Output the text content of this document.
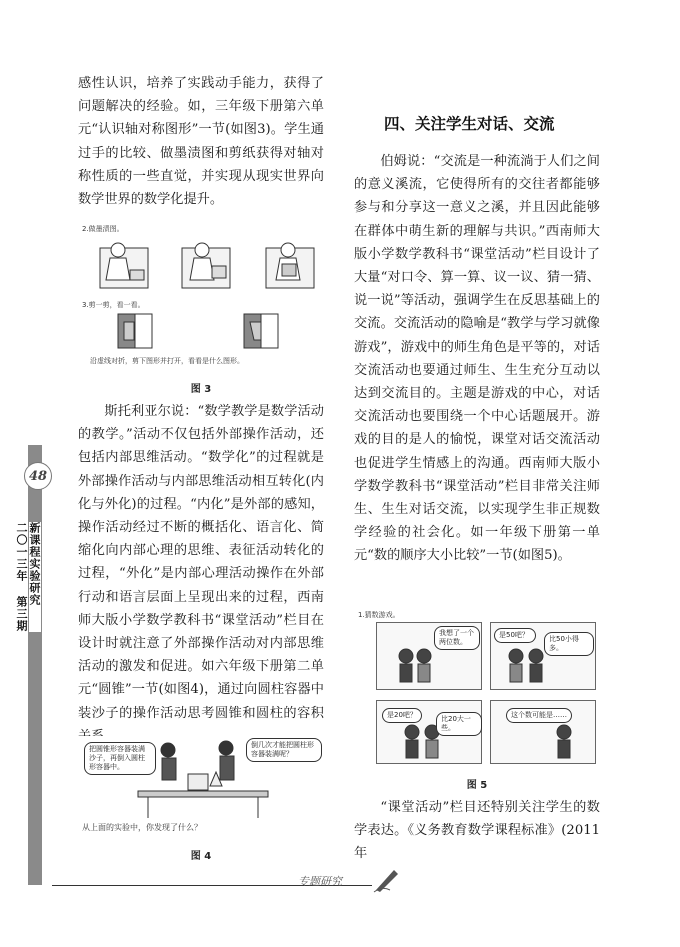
48
新课程实验研究
二〇一三年 第三期

感性认识，培养了实践动手能力，获得了问题解决的经验。如，三年级下册第六单元“认识轴对称图形”一节(如图3)。学生通过手的比较、做墨渍图和剪纸获得对轴对称性质的一些直觉，并实现从现实世界向数学世界的数学化提升。

2.做墨渍图。
3.剪一剪，看一看。
沿虚线对折，剪下图形并打开，看看是什么图形。
图 3

斯托利亚尔说：“数学教学是数学活动的教学。”活动不仅包括外部操作活动，还包括内部思维活动。“数学化”的过程就是外部操作活动与内部思维活动相互转化(内化与外化)的过程。“内化”是外部的感知，操作活动经过不断的概括化、语言化、简缩化向内部心理的思维、表征活动转化的过程，“外化”是内部心理活动操作在外部行动和语言层面上呈现出来的过程，西南师大版小学数学教科书“课堂活动”栏目在设计时就注意了外部操作活动对内部思维活动的激发和促进。如六年级下册第二单元“圆锥”一节(如图4)，通过向圆柱容器中装沙子的操作活动思考圆锥和圆柱的容积

把圆锥形容器装满沙子，再倒入圆柱形容器中。
倒几次才能把圆柱形容器装满呢？
从上面的实验中，你发现了什么？
图 4
四、关注学生对话、交流

伯姆说：“交流是一种流淌于人们之间的意义溪流，它使得所有的交往者都能够参与和分享这一意义之溪，并且因此能够在群体中萌生新的理解与共识。”西南师大版小学数学教科书“课堂活动”栏目设计了大量“对口令、算一算、议一议、猜一猜、说一说”等活动，强调学生在反思基础上的交流。交流活动的隐喻是“教学与学习就像游戏”，游戏中的师生角色是平等的，对话交流活动也要通过师生、生生充分互动以达到交流目的。主题是游戏的中心，对话交流活动也要围绕一个中心话题展开。游戏的目的是人的愉悦，课堂对话交流活动也促进学生情感上的沟通。西南师大版小学数学教科书“课堂活动”栏目非常关注师生、生生对话交流，以实现学生非正规数学经验的社会化。如一年级下册第一单元“数的顺序大小比较”一节(如图5)。

1.猜数游戏。
我想了一个两位数。
是50吧？	比50小得多。
是20吧？	比20大一些。
这个数可能是……
图 5

“课堂活动”栏目还特别关注学生的数学表达。《义务教育数学课程标准》(2011年

专题研究
